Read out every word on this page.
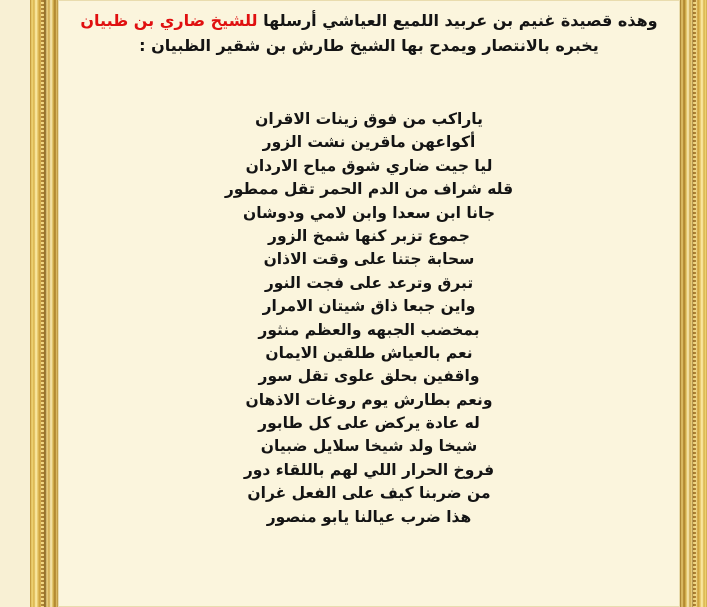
وهذه قصيدة غنيم بن عربيد اللميع العياشي أرسلها للشيخ ضاري بن ظبيان يخبره بالانتصار ويمدح بها الشيخ طارش بن شقير الظبيان :
ياراكب من فوق زينات الاقران
أكواعهن ماقرين نشت الزور
ليا جيت ضاري شوق مياح الاردان
قله شراف من الدم الحمر تقل ممطور
جانا ابن سعدا وابن لامي ودوشان
جموع تزبر كنها شمخ الزور
سحابة جتنا على وقت الاذان
تبرق وترعد على فجت النور
واين جبعا ذاق شيتان الامرار
بمخضب الجبهه والعظم منثور
نعم بالعياش طلقين الايمان
واقفين بحلق علوى تقل سور
ونعم بطارش يوم روغات الاذهان
له عادة يركض على كل طابور
شيخا ولد شيخا سلايل ضبيان
فروخ الحرار اللي لهم باللقاء دور
من ضربنا كيف على الفعل غران
هذا ضرب عيالنا يابو منصور
